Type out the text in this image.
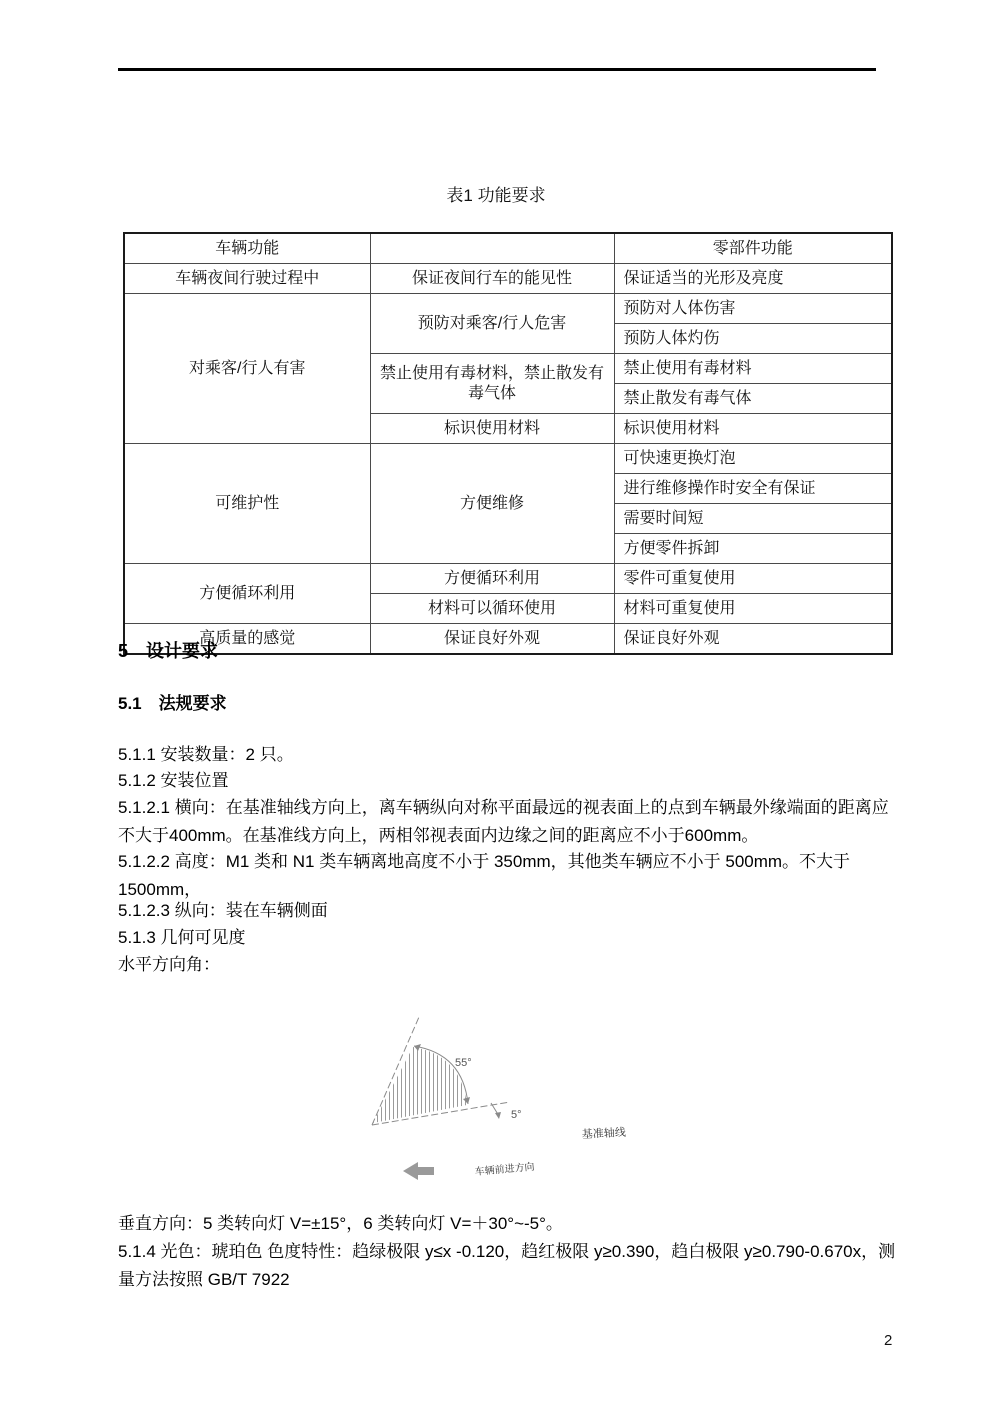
表1 功能要求
车辆功能		零部件功能
车辆夜间行驶过程中	保证夜间行车的能见性	保证适当的光形及亮度
对乘客/行人有害	预防对乘客/行人危害	预防对人体伤害
		预防人体灼伤
	禁止使用有毒材料，禁止散发有毒气体	禁止使用有毒材料
		禁止散发有毒气体
	标识使用材料	标识使用材料
可维护性	方便维修	可快速更换灯泡
		进行维修操作时安全有保证
		需要时间短
		方便零件拆卸
方便循环利用	方便循环利用	零件可重复使用
	材料可以循环使用	材料可重复使用
高质量的感觉	保证良好外观	保证良好外观
5　设计要求
5.1　法规要求
5.1.1 安装数量：2 只。
5.1.2 安装位置
5.1.2.1 横向：在基准轴线方向上，离车辆纵向对称平面最远的视表面上的点到车辆最外缘端面的距离应不大于400mm。在基准线方向上，两相邻视表面内边缘之间的距离应不小于600mm。
5.1.2.2 高度：M1 类和 N1 类车辆离地高度不小于 350mm，其他类车辆应不小于 500mm。不大于1500mm，
5.1.2.3 纵向：装在车辆侧面
5.1.3 几何可见度
水平方向角：
55°
5°
基准轴线
车辆前进方向
垂直方向：5 类转向灯 V=±15°，6 类转向灯 V=＋30°~-5°。
5.1.4 光色：琥珀色 色度特性：趋绿极限 y≤x -0.120，趋红极限 y≥0.390，趋白极限 y≥0.790-0.670x，测量方法按照 GB/T 7922
2
